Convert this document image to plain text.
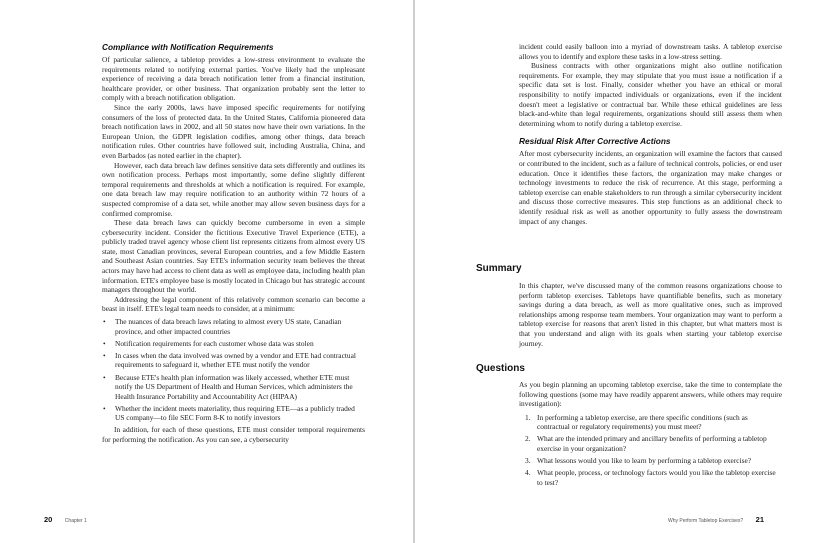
Compliance with Notification Requirements

Of particular salience, a tabletop provides a low-stress environment to evaluate the requirements related to notifying external parties. You've likely had the unpleasant experience of receiving a data breach notification letter from a financial institution, healthcare provider, or other business. That organization probably sent the letter to comply with a breach notification obligation.

Since the early 2000s, laws have imposed specific requirements for notifying consumers of the loss of protected data. In the United States, California pioneered data breach notification laws in 2002, and all 50 states now have their own variations. In the European Union, the GDPR legislation codifies, among other things, data breach notification rules. Other countries have followed suit, including Australia, China, and even Barbados (as noted earlier in the chapter).

However, each data breach law defines sensitive data sets differently and outlines its own notification process. Perhaps most importantly, some define slightly different temporal requirements and thresholds at which a notification is required. For example, one data breach law may require notification to an authority within 72 hours of a suspected compromise of a data set, while another may allow seven business days for a confirmed compromise.

These data breach laws can quickly become cumbersome in even a simple cybersecurity incident. Consider the fictitious Executive Travel Experience (ETE), a publicly traded travel agency whose client list represents citizens from almost every US state, most Canadian provinces, several European countries, and a few Middle Eastern and Southeast Asian countries. Say ETE's information security team believes the threat actors may have had access to client data as well as employee data, including health plan information. ETE's employee base is mostly located in Chicago but has strategic account managers throughout the world.

Addressing the legal component of this relatively common scenario can become a beast in itself. ETE's legal team needs to consider, at a minimum:

• The nuances of data breach laws relating to almost every US state, Canadian province, and other impacted countries
• Notification requirements for each customer whose data was stolen
• In cases when the data involved was owned by a vendor and ETE had contractual requirements to safeguard it, whether ETE must notify the vendor
• Because ETE's health plan information was likely accessed, whether ETE must notify the US Department of Health and Human Services, which administers the Health Insurance Portability and Accountability Act (HIPAA)
• Whether the incident meets materiality, thus requiring ETE—as a publicly traded US company—to file SEC Form 8-K to notify investors

In addition, for each of these questions, ETE must consider temporal requirements for performing the notification. As you can see, a cybersecurity

20 Chapter 1

incident could easily balloon into a myriad of downstream tasks. A tabletop exercise allows you to identify and explore these tasks in a low-stress setting.

Business contracts with other organizations might also outline notification requirements. For example, they may stipulate that you must issue a notification if a specific data set is lost. Finally, consider whether you have an ethical or moral responsibility to notify impacted individuals or organizations, even if the incident doesn't meet a legislative or contractual bar. While these ethical guidelines are less black-and-white than legal requirements, organizations should still assess them when determining whom to notify during a tabletop exercise.

Residual Risk After Corrective Actions

After most cybersecurity incidents, an organization will examine the factors that caused or contributed to the incident, such as a failure of technical controls, policies, or end user education. Once it identifies these factors, the organization may make changes or technology investments to reduce the risk of recurrence. At this stage, performing a tabletop exercise can enable stakeholders to run through a similar cybersecurity incident and discuss those corrective measures. This step functions as an additional check to identify residual risk as well as another opportunity to fully assess the downstream impact of any changes.

Summary

In this chapter, we've discussed many of the common reasons organizations choose to perform tabletop exercises. Tabletops have quantifiable benefits, such as monetary savings during a data breach, as well as more qualitative ones, such as improved relationships among response team members. Your organization may want to perform a tabletop exercise for reasons that aren't listed in this chapter, but what matters most is that you understand and align with its goals when starting your tabletop exercise journey.

Questions

As you begin planning an upcoming tabletop exercise, take the time to contemplate the following questions (some may have readily apparent answers, while others may require investigation):

1. In performing a tabletop exercise, are there specific conditions (such as contractual or regulatory requirements) you must meet?
2. What are the intended primary and ancillary benefits of performing a tabletop exercise in your organization?
3. What lessons would you like to learn by performing a tabletop exercise?
4. What people, process, or technology factors would you like the tabletop exercise to test?
Why Perform Tabletop Exercises? 21
